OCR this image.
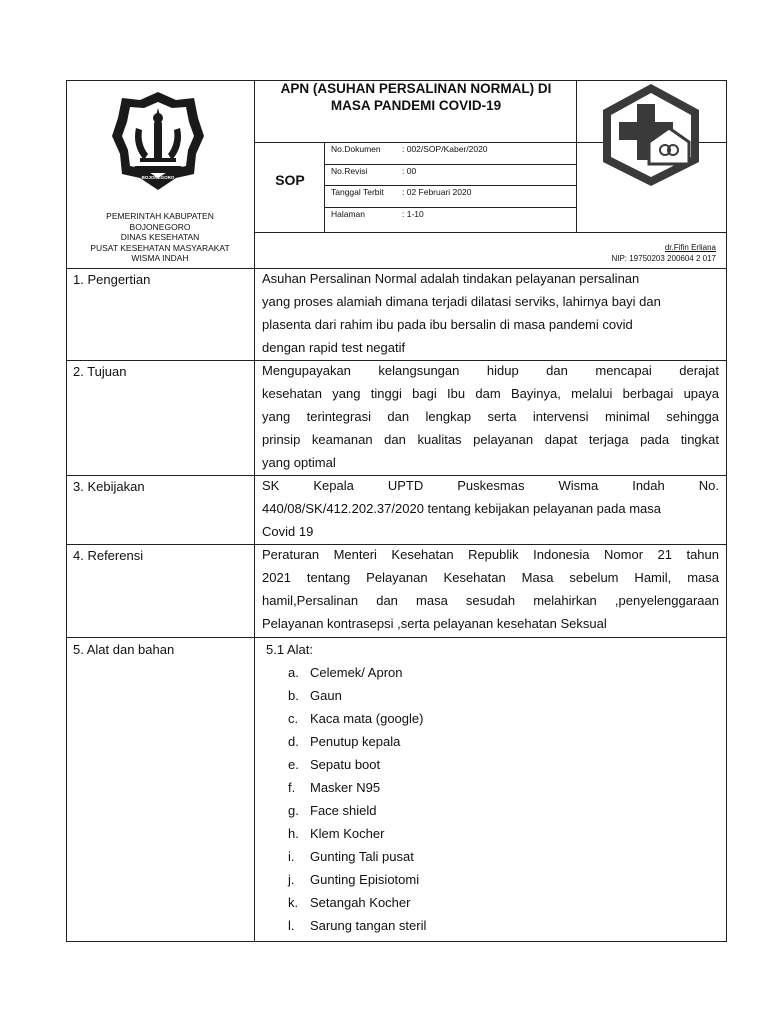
BOJONEGORO
PEMERINTAH KABUPATEN
BOJONEGORO
DINAS KESEHATAN
PUSAT KESEHATAN MASYARAKAT
WISMA INDAH
APN (ASUHAN PERSALINAN NORMAL) DI
MASA PANDEMI COVID-19
SOP
No.Dokumen	: 002/SOP/Kaber/2020
No.Revisi	: 00
Tanggal Terbit : 02 Februari 2020
Halaman	: 1-10
dr.Fifin Erliana
NIP: 19750203 200604 2 017
1. Pengertian	Asuhan Persalinan Normal adalah tindakan pelayanan persalinan
yang proses alamiah dimana terjadi dilatasi serviks, lahirnya bayi dan
plasenta dari rahim ibu pada ibu bersalin di masa pandemi covid
dengan rapid test negatif
2. Tujuan	Mengupayakan kelangsungan hidup dan mencapai derajat
kesehatan yang tinggi bagi Ibu dam Bayinya, melalui berbagai upaya
yang terintegrasi dan lengkap serta intervensi minimal sehingga
prinsip keamanan dan kualitas pelayanan dapat terjaga pada tingkat
yang optimal
3. Kebijakan	SK Kepala UPTD Puskesmas Wisma Indah No.
440/08/SK/412.202.37/2020 tentang kebijakan pelayanan pada masa
Covid 19
4. Referensi	Peraturan Menteri Kesehatan Republik Indonesia Nomor 21 tahun
2021 tentang Pelayanan Kesehatan Masa sebelum Hamil, masa
hamil,Persalinan dan masa sesudah melahirkan ,penyelenggaraan
Pelayanan kontrasepsi ,serta pelayanan kesehatan Seksual
5. Alat dan bahan	5.1 Alat:
a. Celemek/ Apron
b. Gaun
c. Kaca mata (google)
d. Penutup kepala
e. Sepatu boot
f. Masker N95
g. Face shield
h. Klem Kocher
i. Gunting Tali pusat
j. Gunting Episiotomi
k. Setangah Kocher
l. Sarung tangan steril
